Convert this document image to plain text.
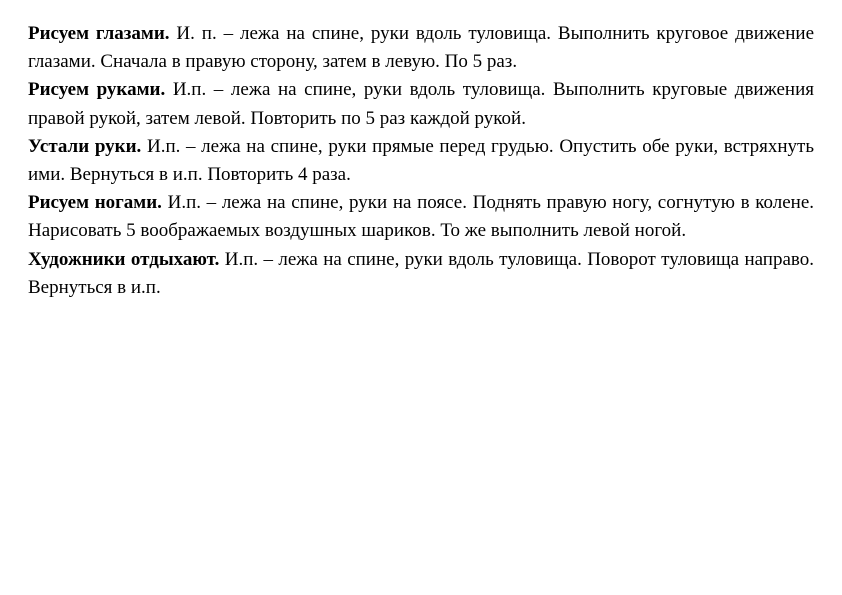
Рисуем глазами. И. п. – лежа на спине, руки вдоль туловища. Выполнить круговое движение глазами. Сначала в правую сторону, затем в левую. По 5 раз.

Рисуем руками. И.п. – лежа на спине, руки вдоль туловища. Выполнить круговые движения правой рукой, затем левой. Повторить по 5 раз каждой рукой.

Устали руки. И.п. – лежа на спине, руки прямые перед грудью. Опустить обе руки, встряхнуть ими. Вернуться в и.п. Повторить 4 раза.

Рисуем ногами. И.п. – лежа на спине, руки на поясе. Поднять правую ногу, согнутую в колене. Нарисовать 5 воображаемых воздушных шариков. То же выполнить левой ногой.

Художники отдыхают. И.п. – лежа на спине, руки вдоль туловища. Поворот туловища направо. Вернуться в и.п.
